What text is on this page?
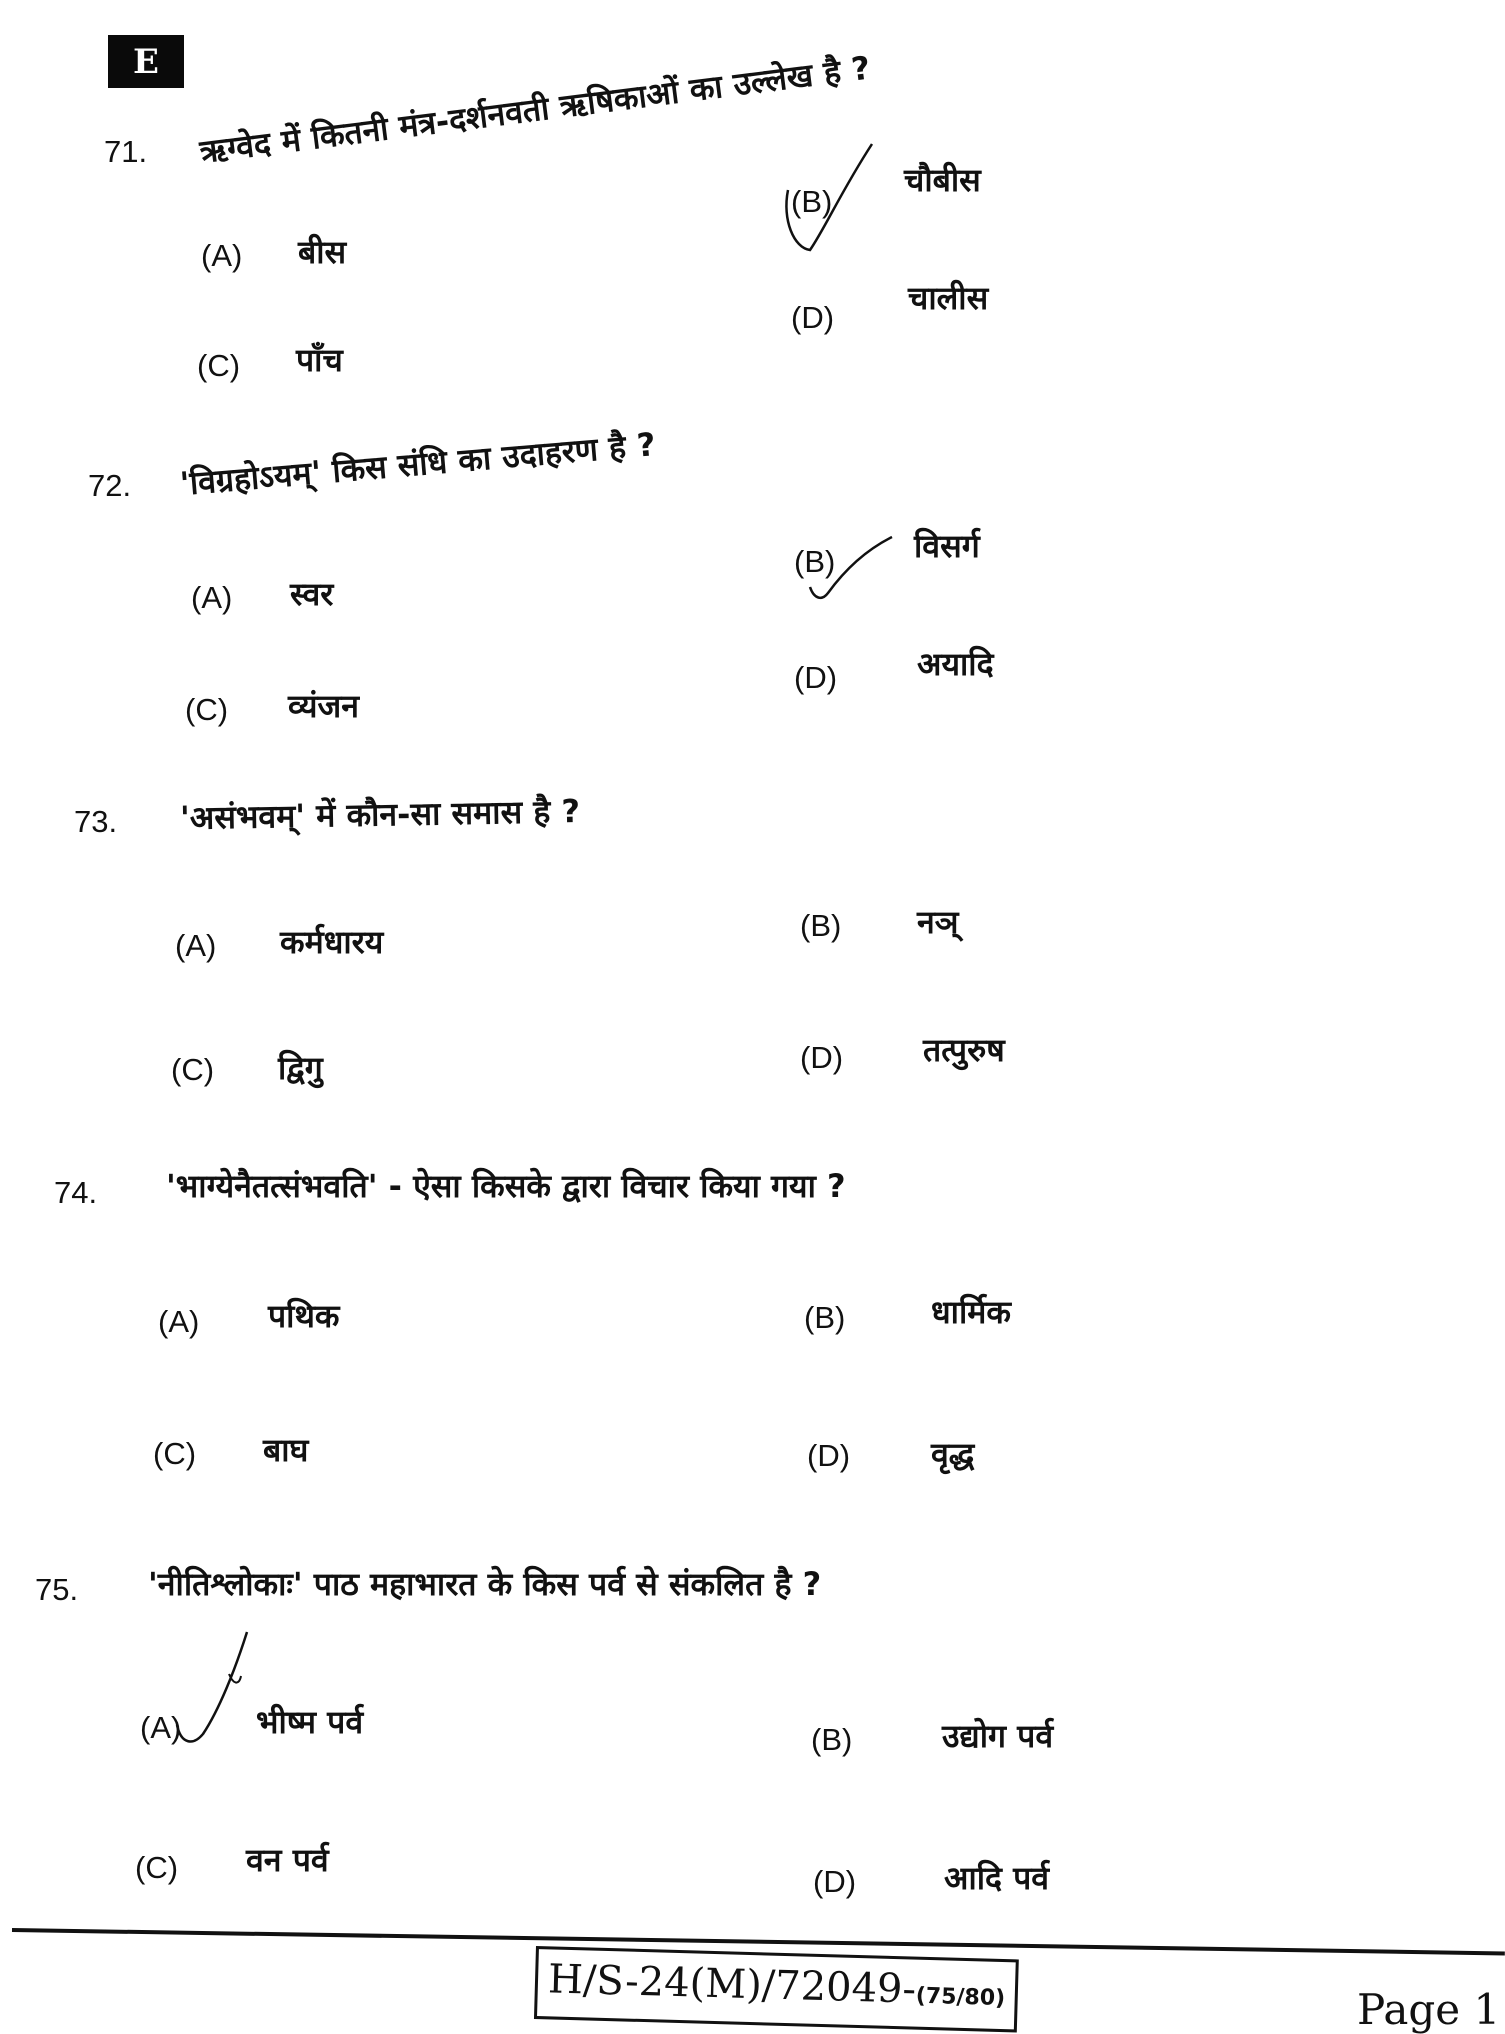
E
71. ऋग्वेद में कितनी मंत्र-दर्शनवती ऋषिकाओं का उल्लेख है ?
(A) बीस
(B)
चौबीस
(C) पाँच
(D)
चालीस
72. 'विग्रहोऽयम्' किस संधि का उदाहरण है ?
(A) स्वर
(B) विसर्ग
(C) व्यंजन
(D) अयादि
73. 'असंभवम्' में कौन-सा समास है ?
(A) कर्मधारय	(B) नञ्
(C) द्विगु	(D) तत्पुरुष
74. 'भाग्येनैतत्संभवति' - ऐसा किसके द्वारा विचार किया गया ?
(A) पथिक	(B)	धार्मिक
(C) बाघ	(D)	वृद्ध
75. 'नीतिश्लोकाः' पाठ महाभारत के किस पर्व से संकलित है ?
(A) भीष्म पर्व	(B)	उद्योग पर्व
(C) वन पर्व
(D)	आदि पर्व
H/S-24(M)/72049-(75/80)	Page 1
